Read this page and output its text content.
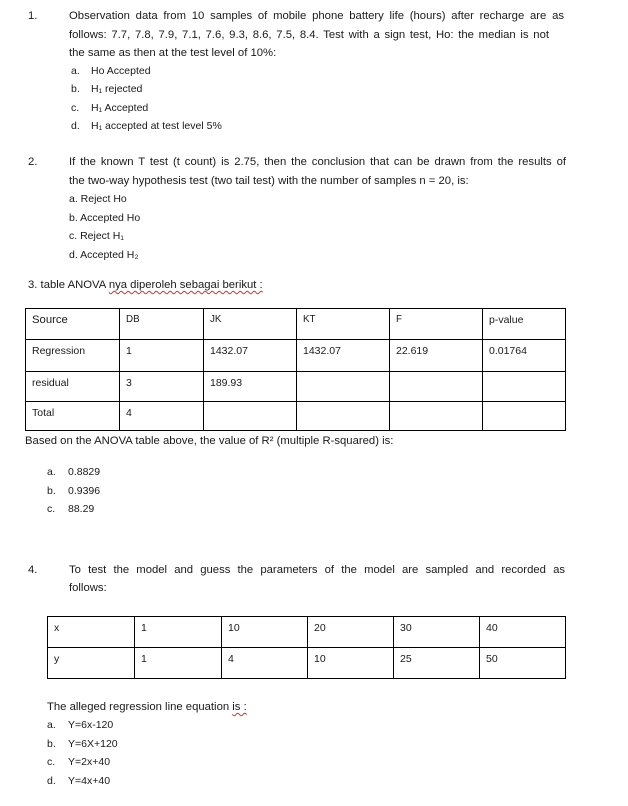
1.	Observation data from 10 samples of mobile phone battery life (hours) after recharge are as
follows: 7.7, 7.8, 7.9, 7.1, 7.6, 9.3, 8.6, 7.5, 8.4. Test with a sign test, Ho: the median is not
the same as then at the test level of 10%:
a. Ho Accepted
b. H₁ rejected
c. H₁ Accepted
d. H₁ accepted at test level 5%
2.	If the known T test (t count) is 2.75, then the conclusion that can be drawn from the results of
the two-way hypothesis test (two tail test) with the number of samples n = 20, is:
a. Reject Ho
b. Accepted Ho
c. Reject H₁
d. Accepted H₂
3. table ANOVA nya diperoleh sebagai berikut :
Source	DB	JK	KT	F	p-value
Regression	1	1432.07	1432.07	22.619	0.01764
residual	3	189.93			
Total	4				
Based on the ANOVA table above, the value of R² (multiple R-squared) is:
a. 0.8829
b. 0.9396
c. 88.29
4.	To test the model and guess the parameters of the model are sampled and recorded as
follows:
x	1	10	20	30	40
y	1	4	10	25	50
The alleged regression line equation is :
a. Y=6x-120
b. Y=6X+120
c. Y=2x+40
d. Y=4x+40
